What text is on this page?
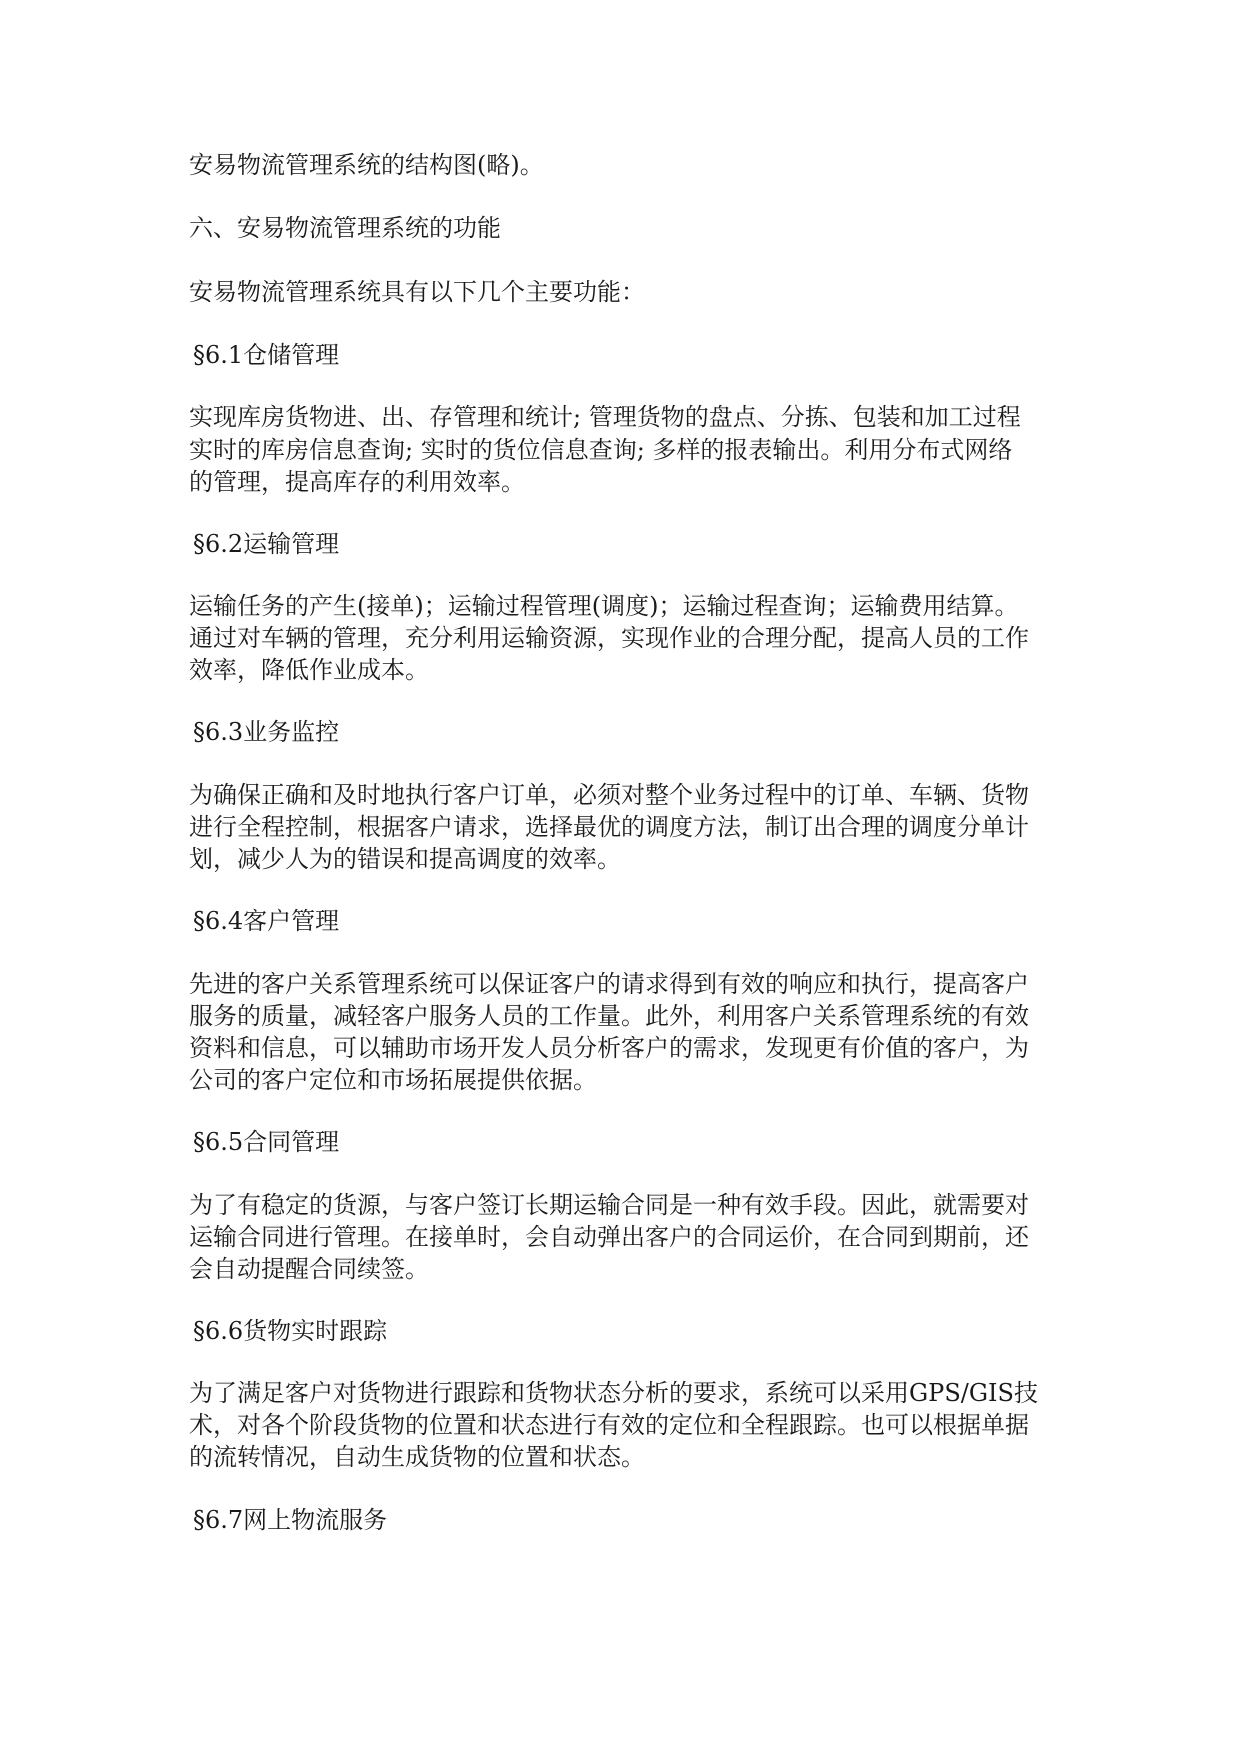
安易物流管理系统的结构图(略)。

六、安易物流管理系统的功能

安易物流管理系统具有以下几个主要功能：

§6.1仓储管理

实现库房货物进、出、存管理和统计; 管理货物的盘点、分拣、包装和加工过程

实时的库房信息查询; 实时的货位信息查询; 多样的报表输出。利用分布式网络

的管理，提高库存的利用效率。

§6.2运输管理

运输任务的产生(接单)；运输过程管理(调度)；运输过程查询；运输费用结算。

通过对车辆的管理，充分利用运输资源，实现作业的合理分配，提高人员的工作

效率，降低作业成本。

§6.3业务监控

为确保正确和及时地执行客户订单，必须对整个业务过程中的订单、车辆、货物

进行全程控制，根据客户请求，选择最优的调度方法，制订出合理的调度分单计

划，减少人为的错误和提高调度的效率。

§6.4客户管理

先进的客户关系管理系统可以保证客户的请求得到有效的响应和执行，提高客户

服务的质量，减轻客户服务人员的工作量。此外，利用客户关系管理系统的有效

资料和信息，可以辅助市场开发人员分析客户的需求，发现更有价值的客户，为

公司的客户定位和市场拓展提供依据。

§6.5合同管理

为了有稳定的货源，与客户签订长期运输合同是一种有效手段。因此，就需要对

运输合同进行管理。在接单时，会自动弹出客户的合同运价，在合同到期前，还

会自动提醒合同续签。

§6.6货物实时跟踪

为了满足客户对货物进行跟踪和货物状态分析的要求，系统可以采用GPS/GIS技

术，对各个阶段货物的位置和状态进行有效的定位和全程跟踪。也可以根据单据

的流转情况，自动生成货物的位置和状态。

§6.7网上物流服务
